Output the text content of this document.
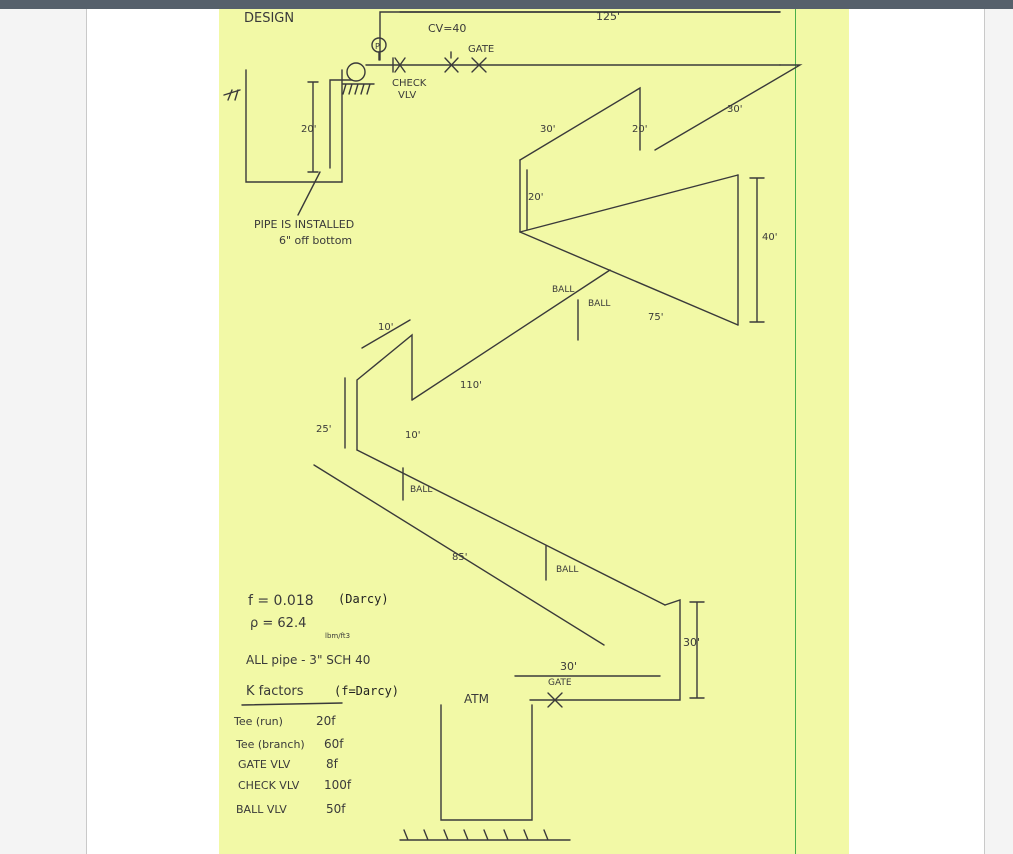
DESIGN
CV=40
GATE
CHECK
VLV
125'
P
20'
PIPE IS INSTALLED
6" off bottom
30'	20'
30'
20'
40'
75'
10'
110'
25'
10'
85'
30'
30'
BALL
BALL
BALL
BALL
GATE
ATM
f = 0.018 (Darcy)
ρ = 62.4
lbm/ft3
ALL pipe - 3" SCH 40
K factors	(f=Darcy)
Tee (run)	20f
Tee (branch) 60f
GATE VLV	8f
CHECK VLV 100f
BALL VLV	50f
